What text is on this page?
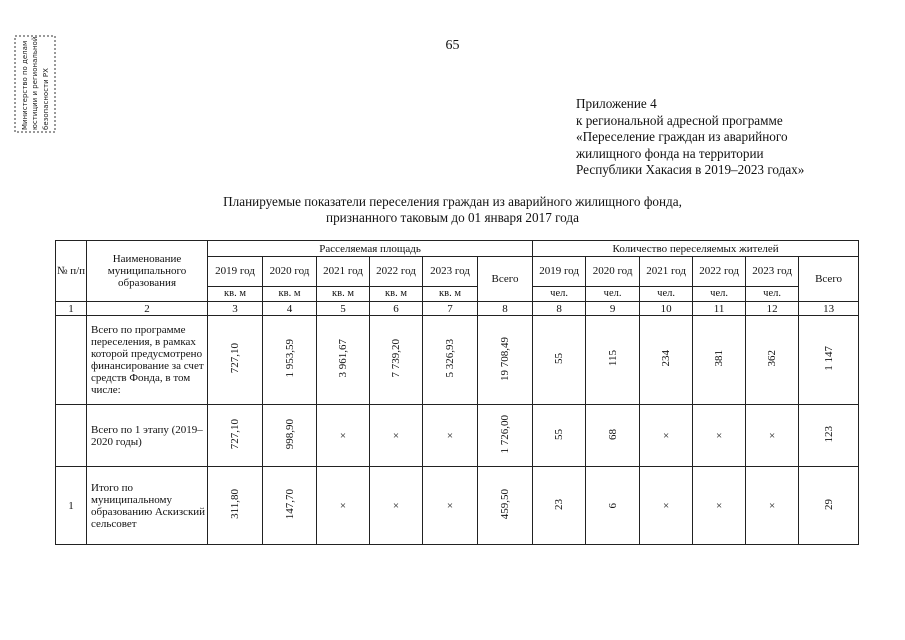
65
Министерство по делам юстиции и региональной безопасности РХ	Приложение 4
к региональной адресной программе
«Переселение граждан из аварийного
жилищного фонда на территории
Республики Хакасия в 2019–2023 годах»
Планируемые показатели переселения граждан из аварийного жилищного фонда,
признанного таковым до 01 января 2017 года
№ п/п	Наименование муниципального образования	Расселяемая площадь						Количество переселяемых жителей					
		2019 год	2020 год	2021 год	2022 год	2023 год	Всего	2019 год	2020 год	2021 год	2022 год	2023 год	Всего
		кв. м	кв. м	кв. м	кв. м	кв. м		чел.	чел.	чел.	чел.	чел.	
1	2	3	4	5	6	7	8	8	9	10	11	12	13
	Всего по программе переселения, в рамках которой предусмотрено финансирование за счет средств Фонда, в том числе:	727,10	1 953,59	3 961,67	7 739,20	5 326,93	19 708,49	55	115	234	381	362	1 147
	Всего по 1 этапу (2019–2020 годы)	727,10	998,90	×	×	×	1 726,00	55	68	×	×	×	123
1	Итого по муниципальному образованию Аскизский сельсовет	311,80	147,70	×	×	×	459,50	23	6	×	×	×	29
